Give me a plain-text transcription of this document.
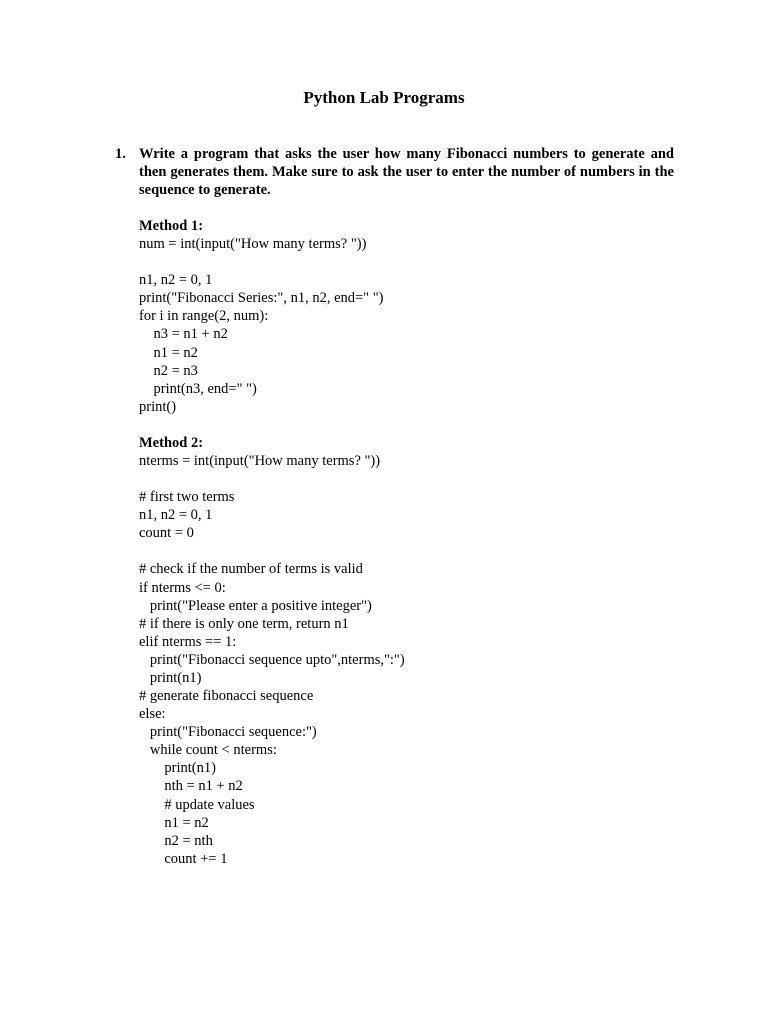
Python Lab Programs
1. Write a program that asks the user how many Fibonacci numbers to generate and then generates them. Make sure to ask the user to enter the number of numbers in the sequence to generate.

Method 1:
num = int(input("How many terms? "))
n1, n2 = 0, 1
print("Fibonacci Series:", n1, n2, end=" ")
for i in range(2, num):
n3 = n1 + n2
n1 = n2
n2 = n3
print(n3, end=" ")
print()
Method 2:
nterms = int(input("How many terms? "))
# first two terms
n1, n2 = 0, 1
count = 0
# check if the number of terms is valid
if nterms <= 0:
print("Please enter a positive integer")
# if there is only one term, return n1
elif nterms == 1:
print("Fibonacci sequence upto",nterms,":")
print(n1)
# generate fibonacci sequence
else:
print("Fibonacci sequence:")
while count < nterms:
print(n1)
nth = n1 + n2
# update values
n1 = n2
n2 = nth
count += 1
